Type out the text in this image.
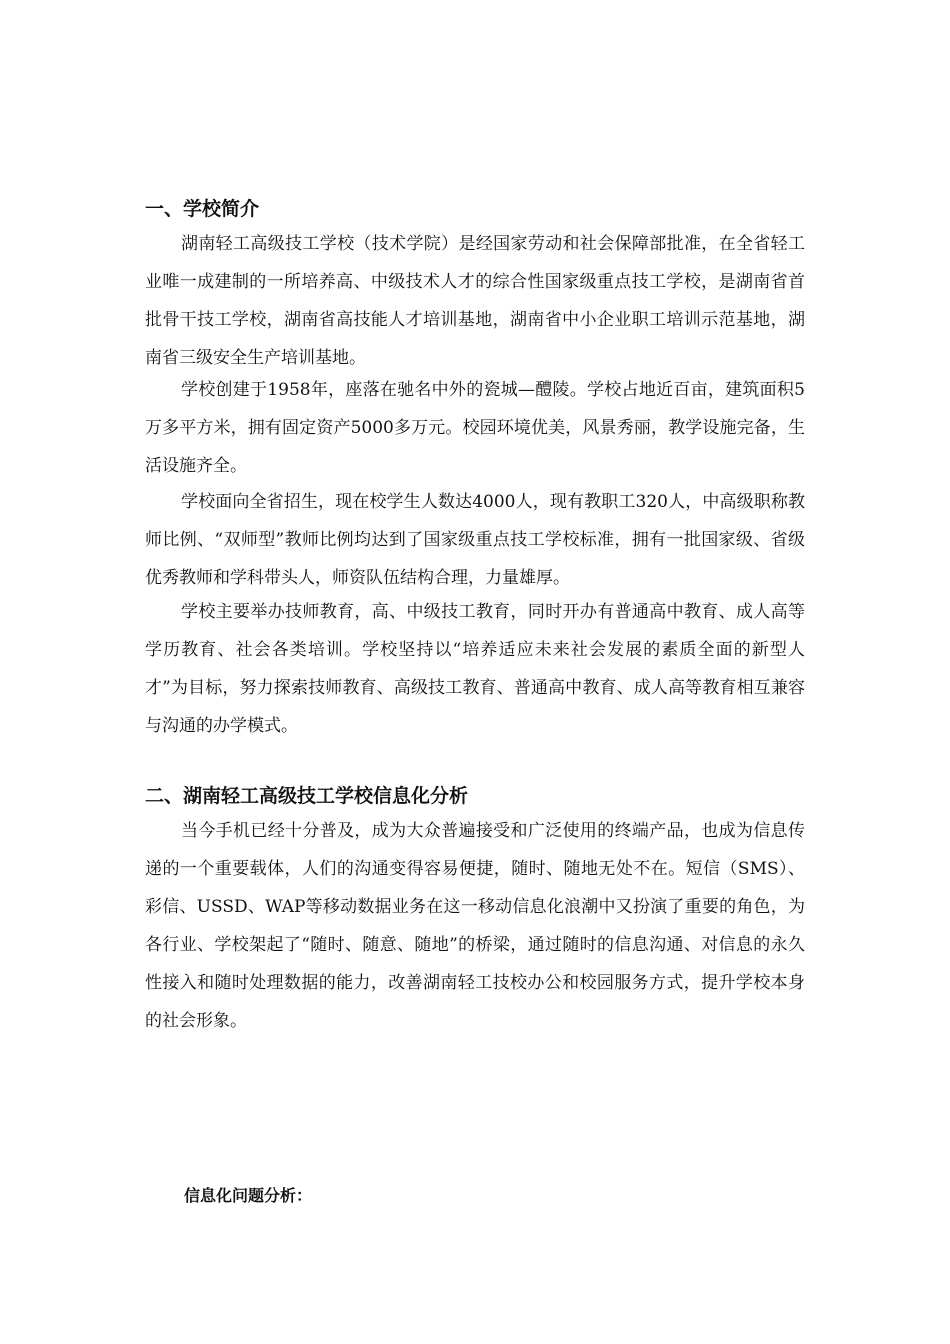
一、学校简介

湖南轻工高级技工学校（技术学院）是经国家劳动和社会保障部批准，在全省轻工业唯一成建制的一所培养高、中级技术人才的综合性国家级重点技工学校，是湖南省首批骨干技工学校，湖南省高技能人才培训基地，湖南省中小企业职工培训示范基地，湖南省三级安全生产培训基地。

学校创建于1958年，座落在驰名中外的瓷城—醴陵。学校占地近百亩，建筑面积5万多平方米，拥有固定资产5000多万元。校园环境优美，风景秀丽，教学设施完备，生活设施齐全。

学校面向全省招生，现在校学生人数达4000人，现有教职工320人，中高级职称教师比例、“双师型”教师比例均达到了国家级重点技工学校标准，拥有一批国家级、省级优秀教师和学科带头人，师资队伍结构合理，力量雄厚。

学校主要举办技师教育，高、中级技工教育，同时开办有普通高中教育、成人高等学历教育、社会各类培训。学校坚持以“培养适应未来社会发展的素质全面的新型人才”为目标，努力探索技师教育、高级技工教育、普通高中教育、成人高等教育相互兼容与沟通的办学模式。

二、湖南轻工高级技工学校信息化分析

当今手机已经十分普及，成为大众普遍接受和广泛使用的终端产品，也成为信息传递的一个重要载体，人们的沟通变得容易便捷，随时、随地无处不在。短信（SMS）、彩信、USSD、WAP等移动数据业务在这一移动信息化浪潮中又扮演了重要的角色，为各行业、学校架起了“随时、随意、随地”的桥梁，通过随时的信息沟通、对信息的永久性接入和随时处理数据的能力，改善湖南轻工技校办公和校园服务方式，提升学校本身的社会形象。

信息化问题分析：
